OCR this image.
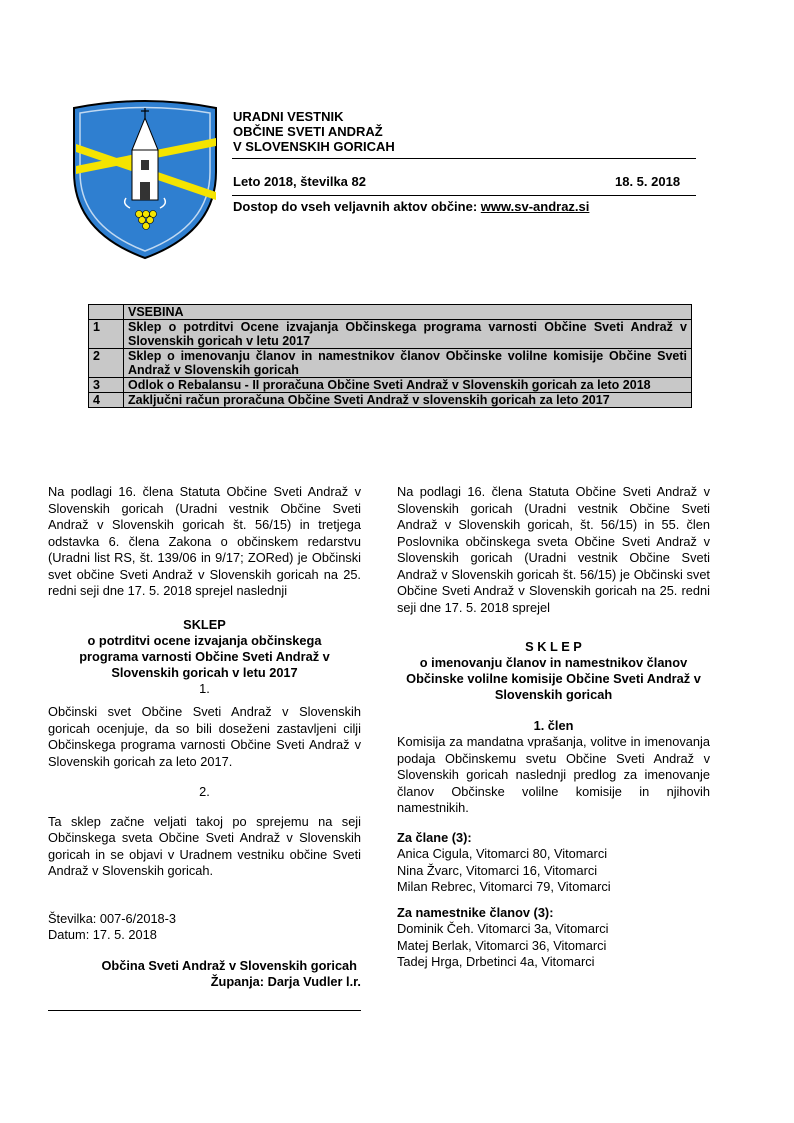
URADNI VESTNIK
OBČINE SVETI ANDRAŽ
V SLOVENSKIH GORICAH
Leto 2018, številka 82	18. 5. 2018
Dostop do vseh veljavnih aktov občine: www.sv-andraz.si
	VSEBINA
1	Sklep o potrditvi Ocene izvajanja Občinskega programa varnosti Občine Sveti Andraž v Slovenskih goricah v letu 2017
2	Sklep o imenovanju članov in namestnikov članov Občinske volilne komisije Občine Sveti Andraž v Slovenskih goricah
3	Odlok o Rebalansu - II proračuna Občine Sveti Andraž v Slovenskih goricah za leto 2018
4	Zaključni račun proračuna Občine Sveti Andraž v slovenskih goricah za leto 2017

Na podlagi 16. člena Statuta Občine Sveti Andraž v Slovenskih goricah (Uradni vestnik Občine Sveti Andraž v Slovenskih goricah št. 56/15) in tretjega odstavka 6. člena Zakona o občinskem redarstvu (Uradni list RS, št. 139/06 in 9/17; ZORed) je Občinski svet občine Sveti Andraž v Slovenskih goricah na 25. redni seji dne 17. 5. 2018 sprejel naslednji

SKLEP
o potrditvi ocene izvajanja občinskega programa varnosti Občine Sveti Andraž v Slovenskih goricah v letu 2017
1.

Občinski svet Občine Sveti Andraž v Slovenskih goricah ocenjuje, da so bili doseženi zastavljeni cilji Občinskega programa varnosti Občine Sveti Andraž v Slovenskih goricah za leto 2017.

2.

Ta sklep začne veljati takoj po sprejemu na seji Občinskega sveta Občine Sveti Andraž v Slovenskih goricah in se objavi v Uradnem vestniku občine Sveti Andraž v Slovenskih goricah.

Številka: 007-6/2018-3
Datum: 17. 5. 2018
Občina Sveti Andraž v Slovenskih goricah
Županja: Darja Vudler l.r.

Na podlagi 16. člena Statuta Občine Sveti Andraž v Slovenskih goricah (Uradni vestnik Občine Sveti Andraž v Slovenskih goricah, št. 56/15) in 55. člen Poslovnika občinskega sveta Občine Sveti Andraž v Slovenskih goricah (Uradni vestnik Občine Sveti Andraž v Slovenskih goricah št. 56/15) je Občinski svet Občine Sveti Andraž v Slovenskih goricah na 25. redni seji dne 17. 5. 2018 sprejel

S K L E P
o imenovanju članov in namestnikov članov Občinske volilne komisije Občine Sveti Andraž v Slovenskih goricah
1. člen

Komisija za mandatna vprašanja, volitve in imenovanja podaja Občinskemu svetu Občine Sveti Andraž v Slovenskih goricah naslednji predlog za imenovanje članov Občinske volilne komisije in njihovih namestnikih.

Za člane (3):
Anica Cigula, Vitomarci 80, Vitomarci
Nina Žvarc, Vitomarci 16, Vitomarci
Milan Rebrec, Vitomarci 79, Vitomarci
Za namestnike članov (3):
Dominik Čeh. Vitomarci 3a, Vitomarci
Matej Berlak, Vitomarci 36, Vitomarci
Tadej Hrga, Drbetinci 4a, Vitomarci
